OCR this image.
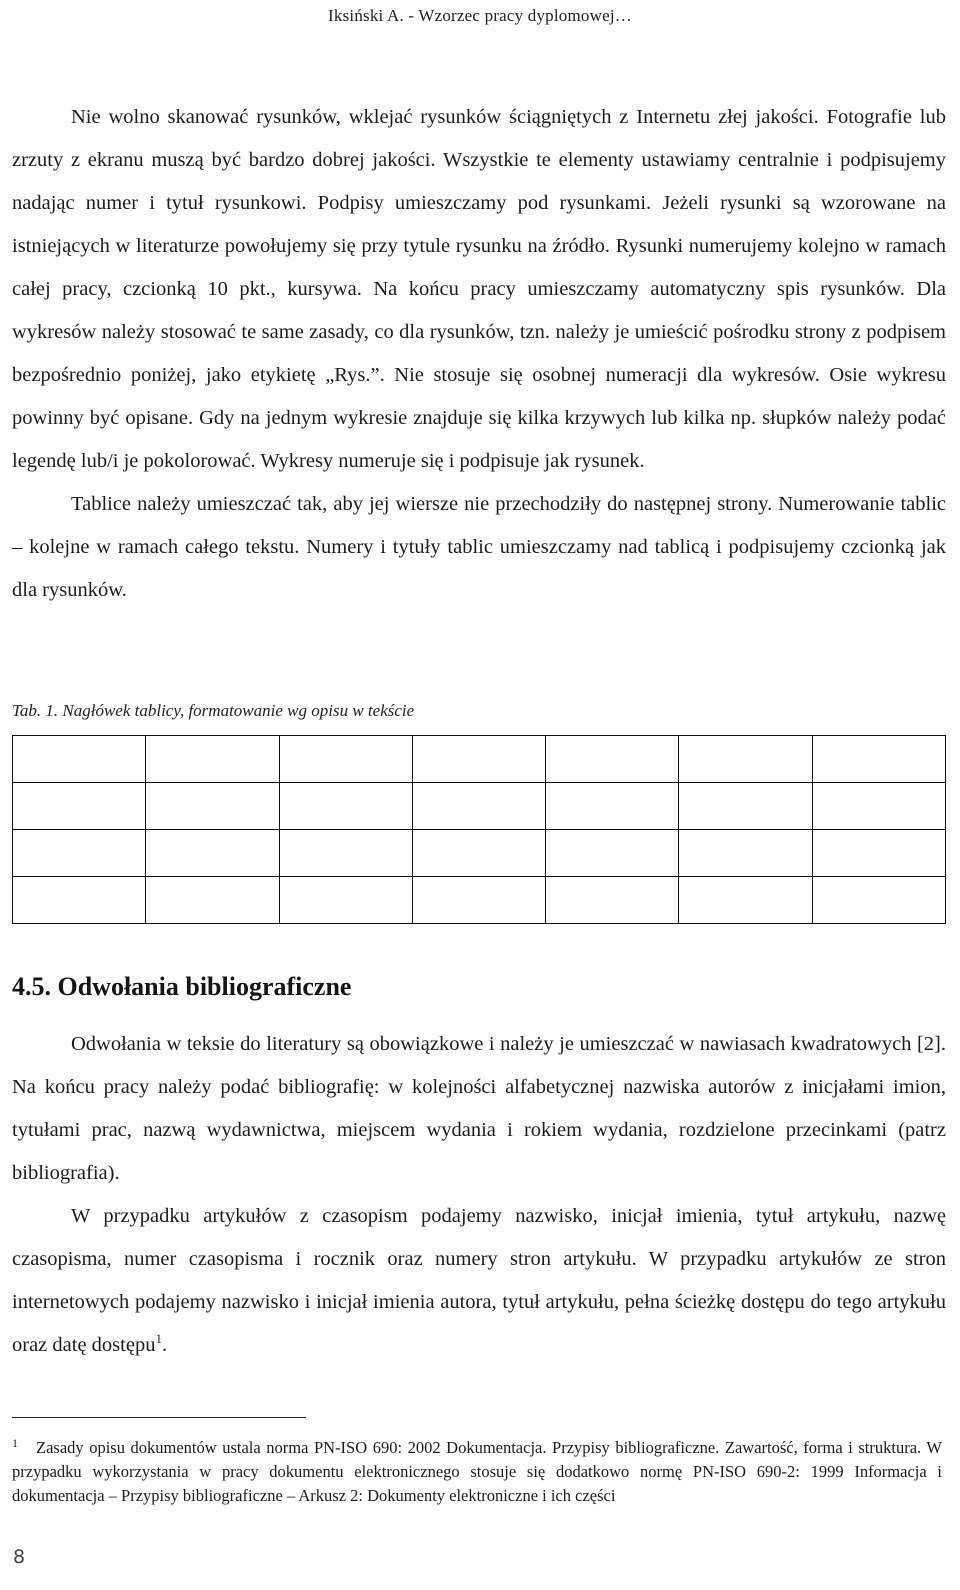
Iksiński A. - Wzorzec pracy dyplomowej…

Nie wolno skanować rysunków, wklejać rysunków ściągniętych z Internetu złej jakości. Fotografie lub zrzuty z ekranu muszą być bardzo dobrej jakości. Wszystkie te elementy ustawiamy centralnie i podpisujemy nadając numer i tytuł rysunkowi. Podpisy umieszczamy pod rysunkami. Jeżeli rysunki są wzorowane na istniejących w literaturze powołujemy się przy tytule rysunku na źródło. Rysunki numerujemy kolejno w ramach całej pracy, czcionką 10 pkt., kursywa. Na końcu pracy umieszczamy automatyczny spis rysunków. Dla wykresów należy stosować te same zasady, co dla rysunków, tzn. należy je umieścić pośrodku strony z podpisem bezpośrednio poniżej, jako etykietę „Rys.”. Nie stosuje się osobnej numeracji dla wykresów. Osie wykresu powinny być opisane. Gdy na jednym wykresie znajduje się kilka krzywych lub kilka np. słupków należy podać legendę lub/i je pokolorować. Wykresy numeruje się i podpisuje jak rysunek.

Tablice należy umieszczać tak, aby jej wiersze nie przechodziły do następnej strony. Numerowanie tablic – kolejne w ramach całego tekstu. Numery i tytuły tablic umieszczamy nad tablicą i podpisujemy czcionką jak dla rysunków.

Tab. 1. Nagłówek tablicy, formatowanie wg opisu w tekście

4.5. Odwołania bibliograficzne

Odwołania w teksie do literatury są obowiązkowe i należy je umieszczać w nawiasach kwadratowych [2]. Na końcu pracy należy podać bibliografię: w kolejności alfabetycznej nazwiska autorów z inicjałami imion, tytułami prac, nazwą wydawnictwa, miejscem wydania i rokiem wydania, rozdzielone przecinkami (patrz bibliografia).

W przypadku artykułów z czasopism podajemy nazwisko, inicjał imienia, tytuł artykułu, nazwę czasopisma, numer czasopisma i rocznik oraz numery stron artykułu. W przypadku artykułów ze stron internetowych podajemy nazwisko i inicjał imienia autora, tytuł artykułu, pełna ścieżkę dostępu do tego artykułu oraz datę dostępu$^1$.

$^1$ Zasady opisu dokumentów ustala norma PN-ISO 690: 2002 Dokumentacja. Przypisy bibliograficzne. Zawartość, forma i struktura. W przypadku wykorzystania w pracy dokumentu elektronicznego stosuje się dodatkowo normę PN-ISO 690-2: 1999 Informacja i dokumentacja – Przypisy bibliograficzne – Arkusz 2: Dokumenty elektroniczne i ich części
8
